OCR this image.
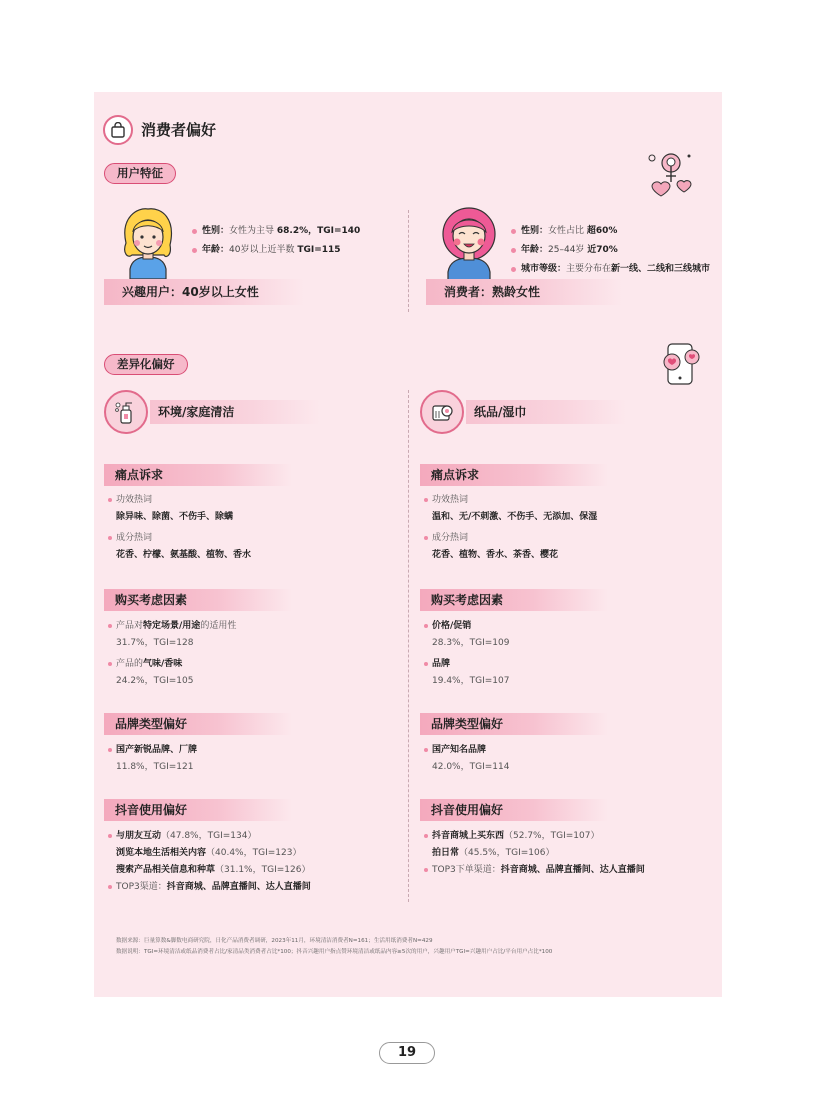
消费者偏好
用户特征
性别：女性为主导 68.2%，TGI=140
年龄：40岁以上近半数 TGI=115
兴趣用户：40岁以上女性
性别：女性占比 超60%
年龄：25–44岁 近70%
城市等级：主要分布在新一线、二线和三线城市
消费者：熟龄女性
差异化偏好
环境/家庭清洁	纸品/湿巾
痛点诉求
功效热词
除异味、除菌、不伤手、除螨
成分热词
花香、柠檬、氨基酸、植物、香水
购买考虑因素
产品对特定场景/用途的适用性
31.7%，TGI=128
产品的气味/香味
24.2%，TGI=105
品牌类型偏好
国产新锐品牌、厂牌
11.8%，TGI=121
抖音使用偏好
与朋友互动（47.8%，TGI=134）
浏览本地生活相关内容（40.4%，TGI=123）
搜索产品相关信息和种草（31.1%，TGI=126）
TOP3渠道：抖音商城、品牌直播间、达人直播间
痛点诉求
功效热词
温和、无/不刺激、不伤手、无添加、保湿
成分热词
花香、植物、香水、茶香、樱花
购买考虑因素
价格/促销
28.3%，TGI=109
品牌
19.4%，TGI=107
品牌类型偏好
国产知名品牌
42.0%，TGI=114
抖音使用偏好
抖音商城上买东西（52.7%，TGI=107）
拍日常（45.5%，TGI=106）
TOP3下单渠道：抖音商城、品牌直播间、达人直播间
数据来源：巨量算数&脚数电商研究院，日化产品消费者调研，2023年11月，环境清洁消费者N=161；生活用纸消费者N=429
数据说明：TGI=环境清洁或纸品消费者占比/家清品类消费者占比*100；抖音兴趣用户指点赞环境清洁或纸品内容≥5次的用户，兴趣用户TGI=兴趣用户占比/平台用户占比*100
19
